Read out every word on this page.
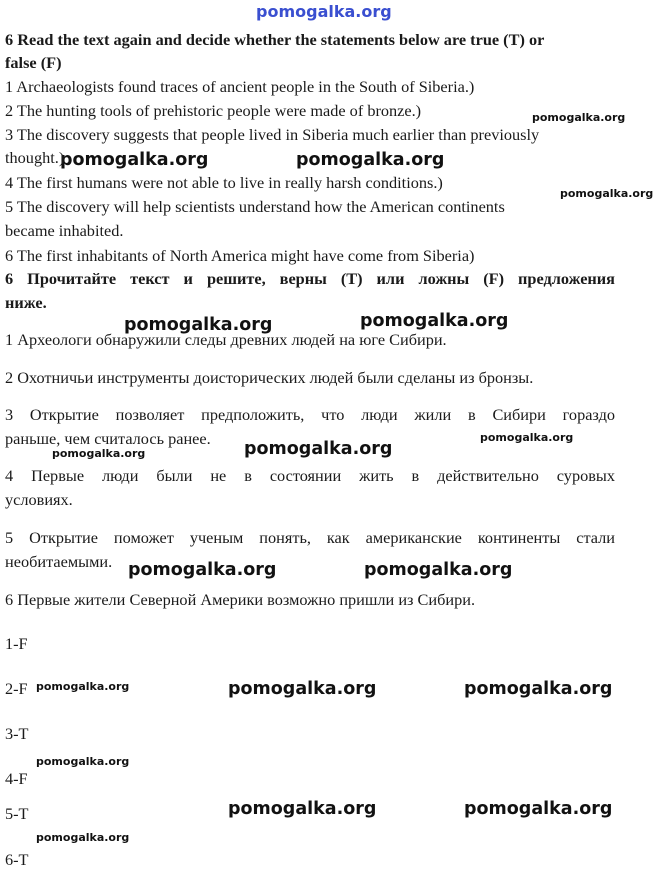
pomogalka.org
pomogalka.org
pomogalka.org	pomogalka.org
pomogalka.org
pomogalka.org	pomogalka.org
pomogalka.org
pomogalka.org	pomogalka.org
pomogalka.org	pomogalka.org
pomogalka.org	pomogalka.org	pomogalka.org
pomogalka.org
pomogalka.org	pomogalka.org
pomogalka.org
6 Read the text again and decide whether the statements below are true (T) or
false (F)
1 Archaeologists found traces of ancient people in the South of Siberia.)
2 The hunting tools of prehistoric people were made of bronze.)
3 The discovery suggests that people lived in Siberia much earlier than previously
thought.)
4 The first humans were not able to live in really harsh conditions.)
5 The discovery will help scientists understand how the American continents
became inhabited.
6 The first inhabitants of North America might have come from Siberia)
6 Прочитайте текст и решите, верны (T) или ложны (F) предложения
ниже.
1 Археологи обнаружили следы древних людей на юге Сибири.
2 Охотничьи инструменты доисторических людей были сделаны из бронзы.
3 Открытие позволяет предположить, что люди жили в Сибири гораздо
раньше, чем считалось ранее.
4 Первые люди были не в состоянии жить в действительно суровых
условиях.
5 Открытие поможет ученым понять, как американские континенты стали
необитаемыми.
6 Первые жители Северной Америки возможно пришли из Сибири.
1-F
2-F
3-T
4-F
5-T
6-T
